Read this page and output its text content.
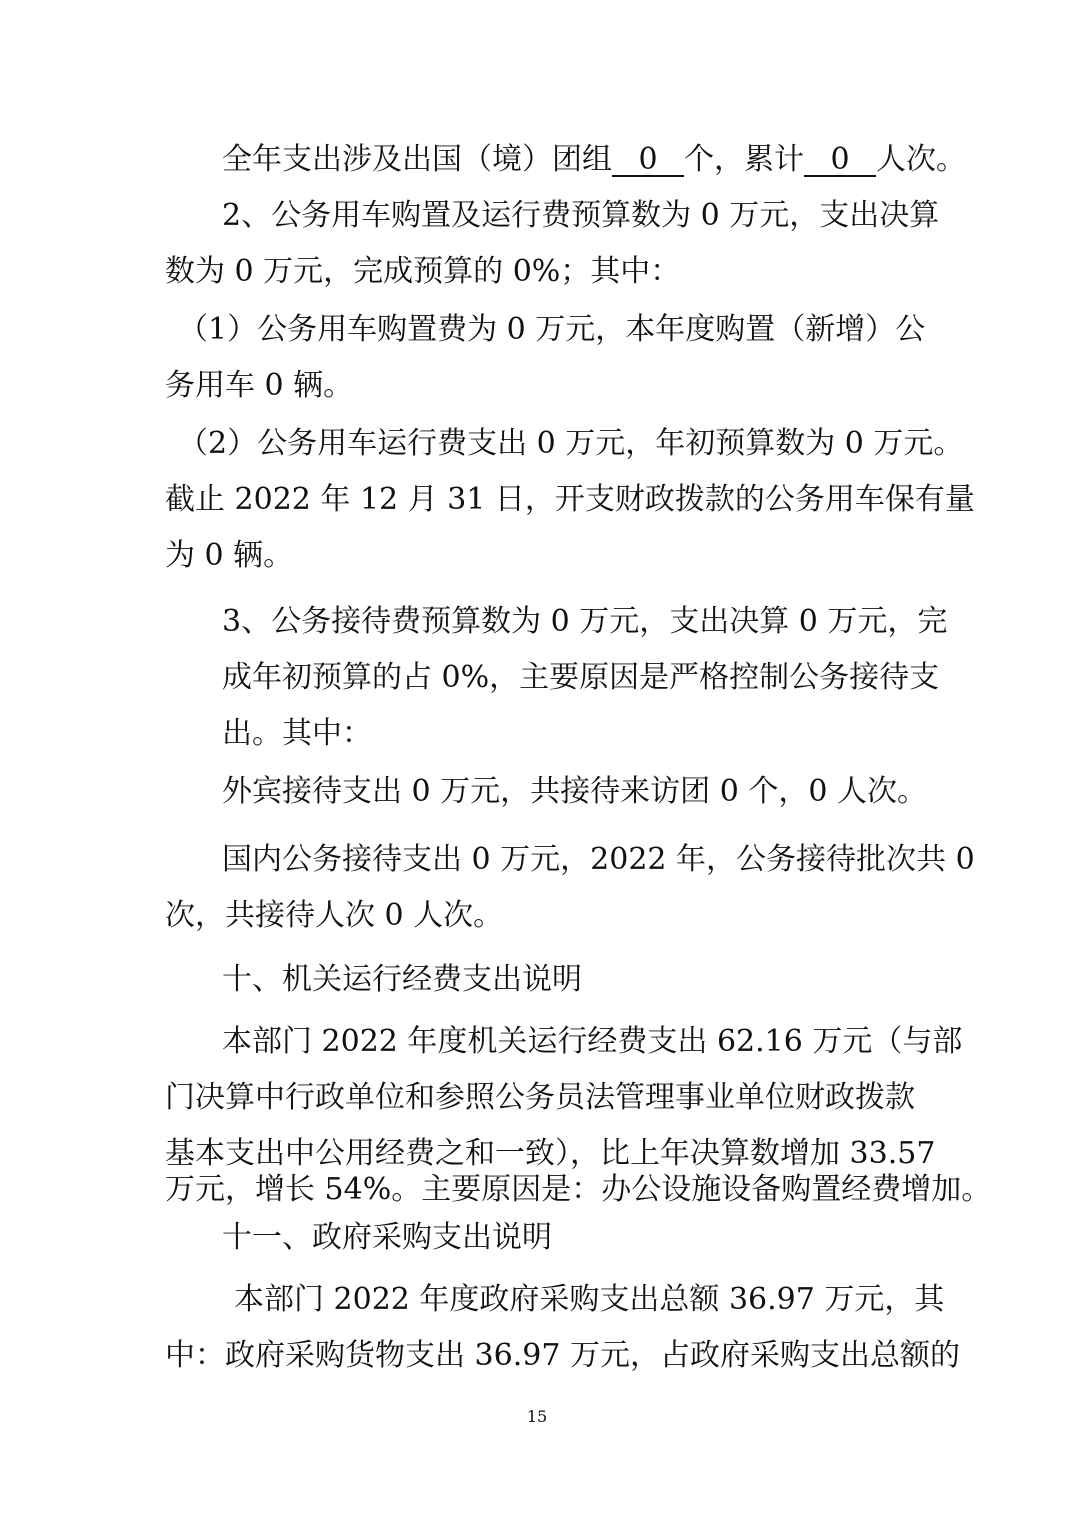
全年支出涉及出国（境）团组 0 个，累计 0 人次。
2、公务用车购置及运行费预算数为 0 万元，支出决算
数为 0 万元，完成预算的 0%；其中：
（1）公务用车购置费为 0 万元，本年度购置（新增）公
务用车 0 辆。
（2）公务用车运行费支出 0 万元，年初预算数为 0 万元。
截止 2022 年 12 月 31 日，开支财政拨款的公务用车保有量
为 0 辆。
3、公务接待费预算数为 0 万元，支出决算 0 万元，完
成年初预算的占 0%，主要原因是严格控制公务接待支
出。其中：
外宾接待支出 0 万元，共接待来访团 0 个，0 人次。
国内公务接待支出 0 万元，2022 年，公务接待批次共 0
次，共接待人次 0 人次。
十、机关运行经费支出说明
本部门 2022 年度机关运行经费支出 62.16 万元（与部
门决算中行政单位和参照公务员法管理事业单位财政拨款
基本支出中公用经费之和一致），比上年决算数增加 33.57
万元，增长 54%。主要原因是：办公设施设备购置经费增加。
十一、政府采购支出说明
本部门 2022 年度政府采购支出总额 36.97 万元，其
中：政府采购货物支出 36.97 万元，占政府采购支出总额的
15
